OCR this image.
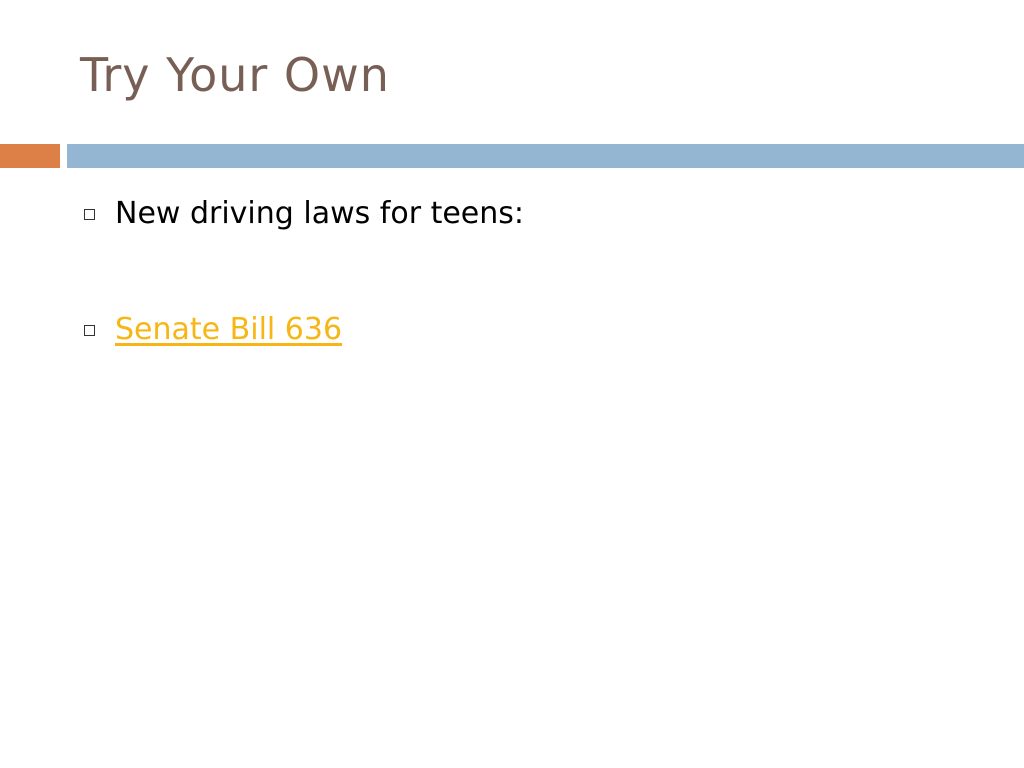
Try Your Own
New driving laws for teens:
Senate Bill 636
